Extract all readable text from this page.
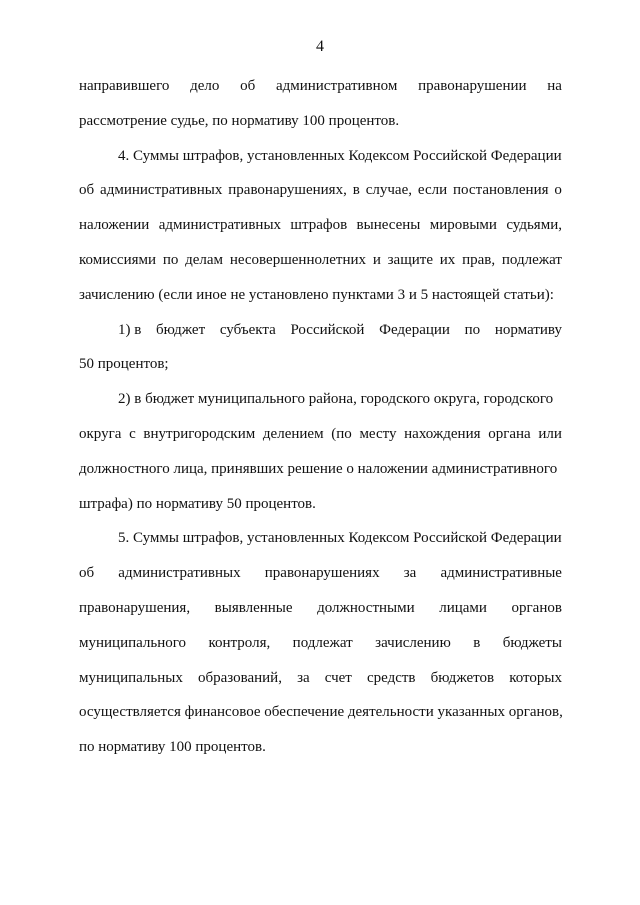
4
направившего дело об административном правонарушении на
рассмотрение судье, по нормативу 100 процентов.
4. Суммы штрафов, установленных Кодексом Российской Федерации
об административных правонарушениях, в случае, если постановления о
наложении административных штрафов вынесены мировыми судьями,
комиссиями по делам несовершеннолетних и защите их прав, подлежат
зачислению (если иное не установлено пунктами 3 и 5 настоящей статьи):
1) в бюджет субъекта Российской Федерации по нормативу
50 процентов;
2) в бюджет муниципального района, городского округа, городского
округа с внутригородским делением (по месту нахождения органа или
должностного лица, принявших решение о наложении административного
штрафа) по нормативу 50 процентов.
5. Суммы штрафов, установленных Кодексом Российской Федерации
об административных правонарушениях за административные
правонарушения, выявленные должностными лицами органов
муниципального контроля, подлежат зачислению в бюджеты
муниципальных образований, за счет средств бюджетов которых
осуществляется финансовое обеспечение деятельности указанных органов,
по нормативу 100 процентов.
